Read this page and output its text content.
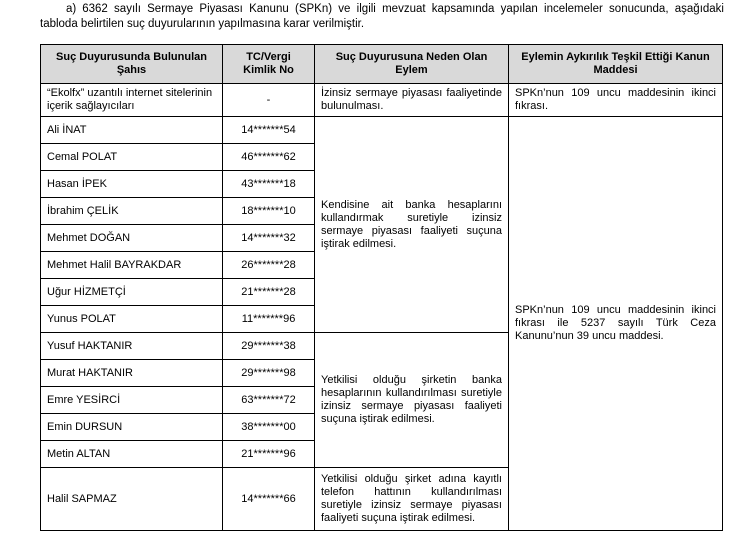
a) 6362 sayılı Sermaye Piyasası Kanunu (SPKn) ve ilgili mevzuat kapsamında yapılan incelemeler sonucunda, aşağıdaki tabloda belirtilen suç duyurularının yapılmasına karar verilmiştir.
Suç Duyurusunda Bulunulan Şahıs	TC/Vergi Kimlik No	Suç Duyurusuna Neden Olan Eylem	Eylemin Aykırılık Teşkil Ettiği Kanun Maddesi
“Ekolfx” uzantılı internet sitelerinin içerik sağlayıcıları	-	İzinsiz sermaye piyasası faaliyetinde bulunulması.	SPKn’nun 109 uncu maddesinin ikinci fıkrası.
Ali İNAT	14*******54	Kendisine ait banka hesaplarını kullandırmak suretiyle izinsiz sermaye piyasası faaliyeti suçuna iştirak edilmesi.	SPKn’nun 109 uncu maddesinin ikinci fıkrası ile 5237 sayılı Türk Ceza Kanunu’nun 39 uncu maddesi.
Cemal POLAT	46*******62		
Hasan İPEK	43*******18		
İbrahim ÇELİK	18*******10		
Mehmet DOĞAN	14*******32		
Mehmet Halil BAYRAKDAR	26*******28		
Uğur HİZMETÇİ	21*******28		
Yunus POLAT	11*******96		
Yusuf HAKTANIR	29*******38	Yetkilisi olduğu şirketin banka hesaplarının kullandırılması suretiyle izinsiz sermaye piyasası faaliyeti suçuna iştirak edilmesi.	
Murat HAKTANIR	29*******98		
Emre YESİRCİ	63*******72		
Emin DURSUN	38*******00		
Metin ALTAN	21*******96		
Halil SAPMAZ	14*******66	Yetkilisi olduğu şirket adına kayıtlı telefon hattının kullandırılması suretiyle izinsiz sermaye piyasası faaliyeti suçuna iştirak edilmesi.	
